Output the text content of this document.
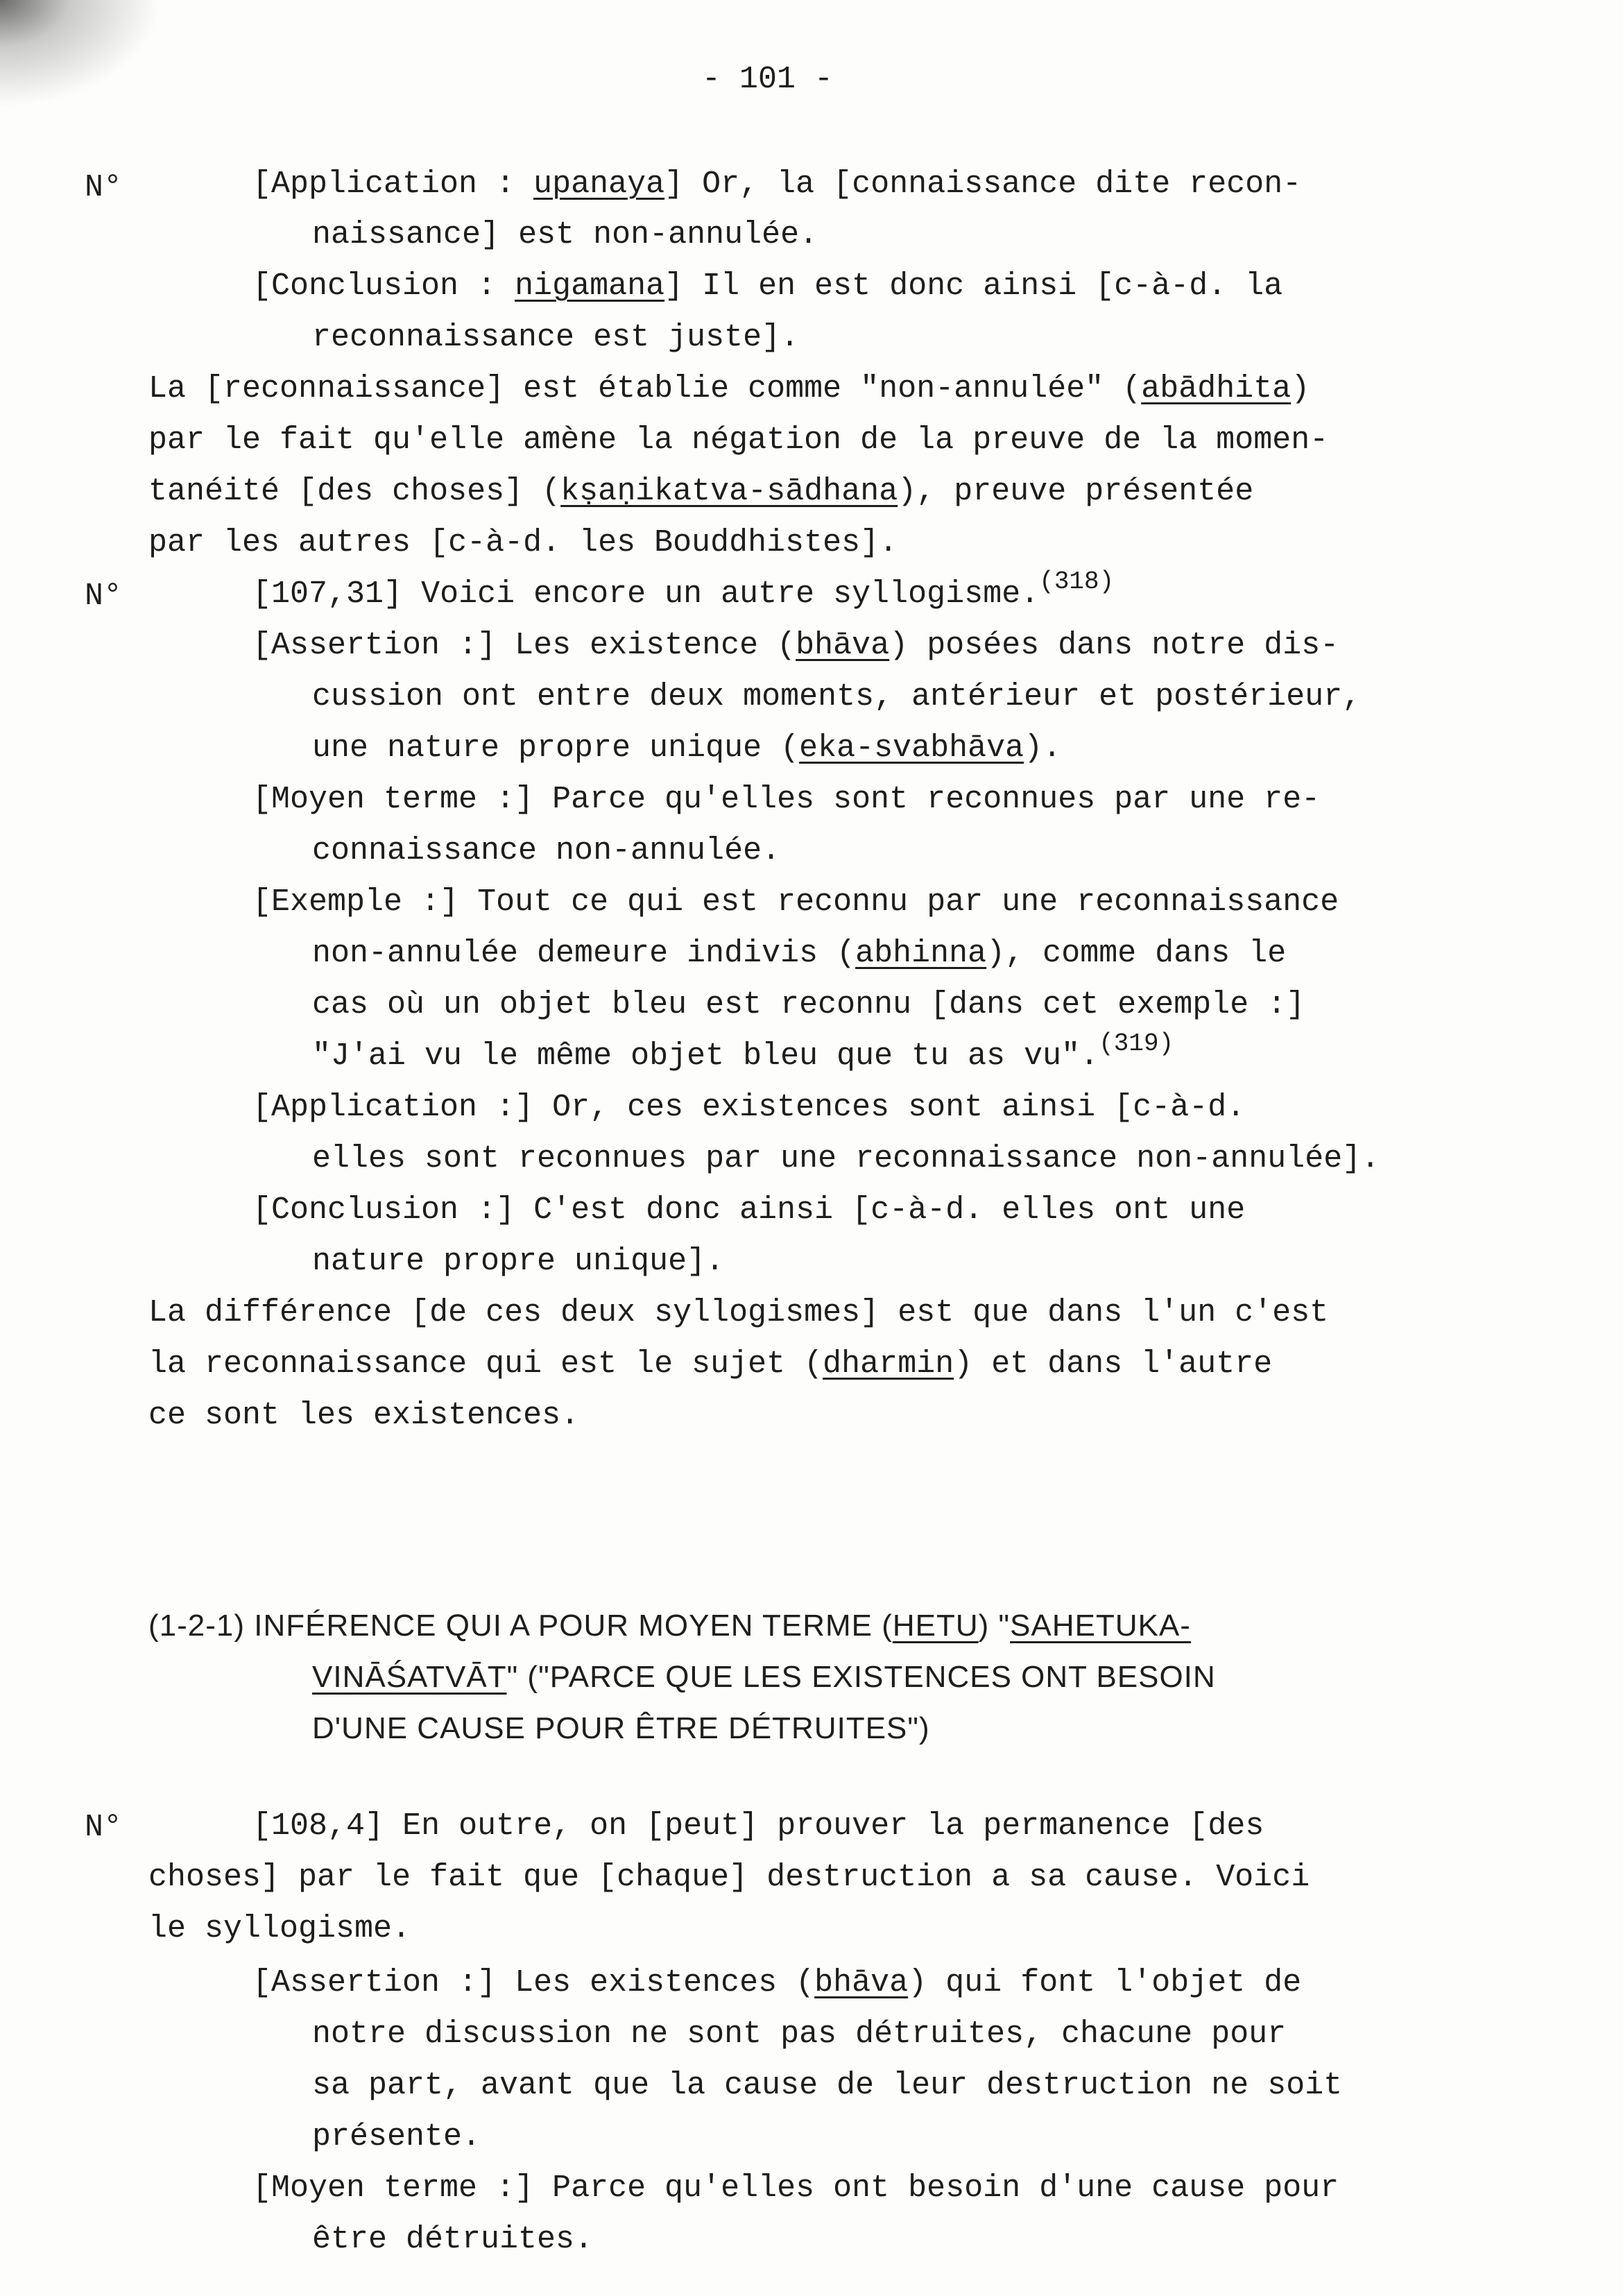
- 101 -
N°
N°
N°
[Application : upanaya] Or, la [connaissance dite recon-
naissance] est non-annulée.
[Conclusion : nigamana] Il en est donc ainsi [c-à-d. la
reconnaissance est juste].
La [reconnaissance] est établie comme "non-annulée" (abādhita)
par le fait qu'elle amène la négation de la preuve de la momen-
tanéité [des choses] (kṣaṇikatva-sādhana), preuve présentée
par les autres [c-à-d. les Bouddhistes].
[107,31] Voici encore un autre syllogisme.$^{(318)}$
[Assertion :] Les existence (bhāva) posées dans notre dis-
cussion ont entre deux moments, antérieur et postérieur,
une nature propre unique (eka-svabhāva).
[Moyen terme :] Parce qu'elles sont reconnues par une re-
connaissance non-annulée.
[Exemple :] Tout ce qui est reconnu par une reconnaissance
non-annulée demeure indivis (abhinna), comme dans le
cas où un objet bleu est reconnu [dans cet exemple :]
"J'ai vu le même objet bleu que tu as vu".$^{(319)}$
[Application :] Or, ces existences sont ainsi [c-à-d.
elles sont reconnues par une reconnaissance non-annulée].
[Conclusion :] C'est donc ainsi [c-à-d. elles ont une
nature propre unique].
La différence [de ces deux syllogismes] est que dans l'un c'est
la reconnaissance qui est le sujet (dharmin) et dans l'autre
ce sont les existences.
(1-2-1) INFÉRENCE QUI A POUR MOYEN TERME (HETU) "SAHETUKA-
VINĀŚATVĀT" ("PARCE QUE LES EXISTENCES ONT BESOIN
D'UNE CAUSE POUR ÊTRE DÉTRUITES")
[108,4] En outre, on [peut] prouver la permanence [des
choses] par le fait que [chaque] destruction a sa cause. Voici
le syllogisme.
[Assertion :] Les existences (bhāva) qui font l'objet de
notre discussion ne sont pas détruites, chacune pour
sa part, avant que la cause de leur destruction ne soit
présente.
[Moyen terme :] Parce qu'elles ont besoin d'une cause pour
être détruites.
